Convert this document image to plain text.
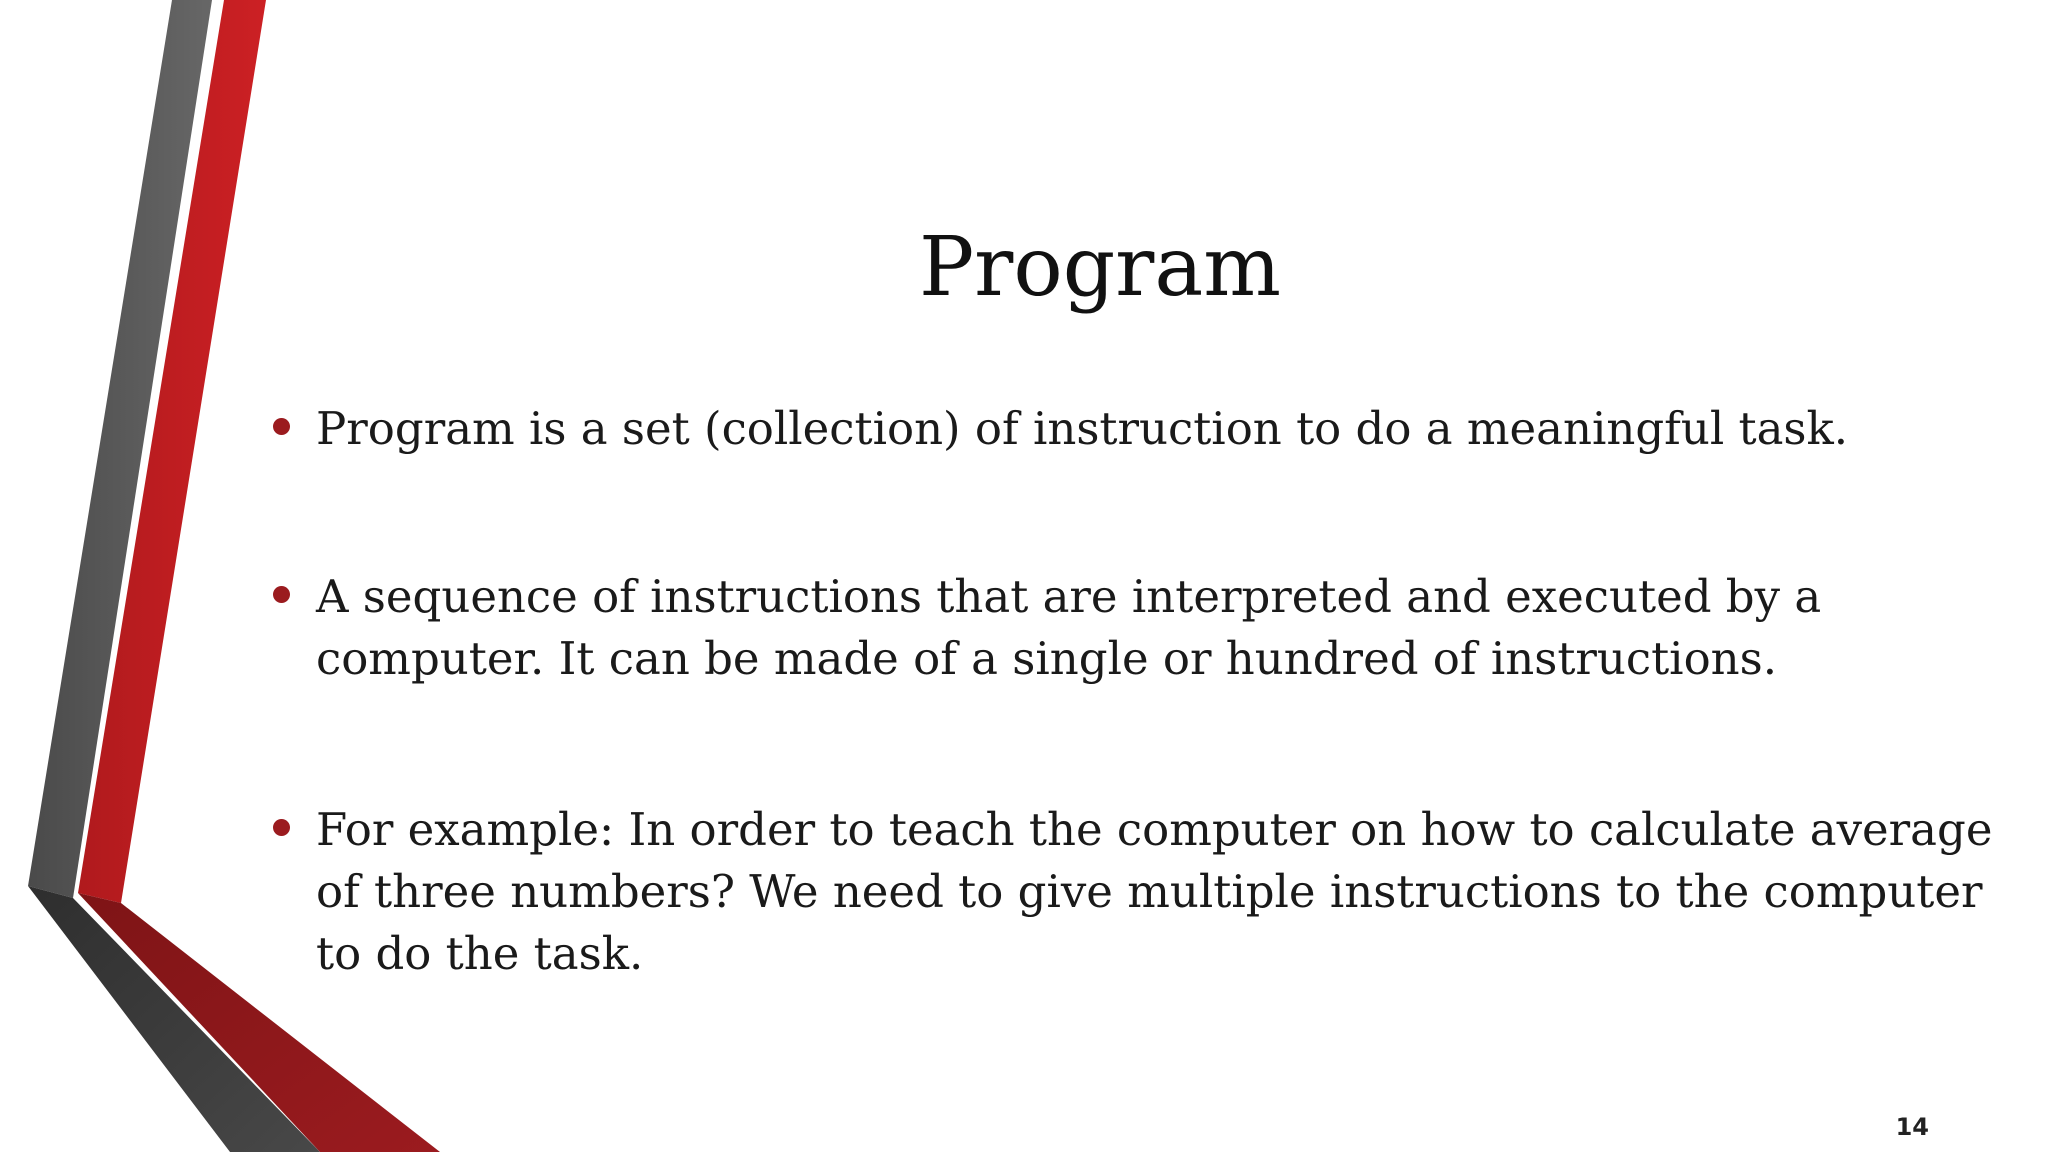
Program
Program is a set (collection) of instruction to do a meaningful task.
A sequence of instructions that are interpreted and executed by a computer. It can be made of a single or hundred of instructions.
For example: In order to teach the computer on how to calculate average of three numbers? We need to give multiple instructions to the computer to do the task.
14
